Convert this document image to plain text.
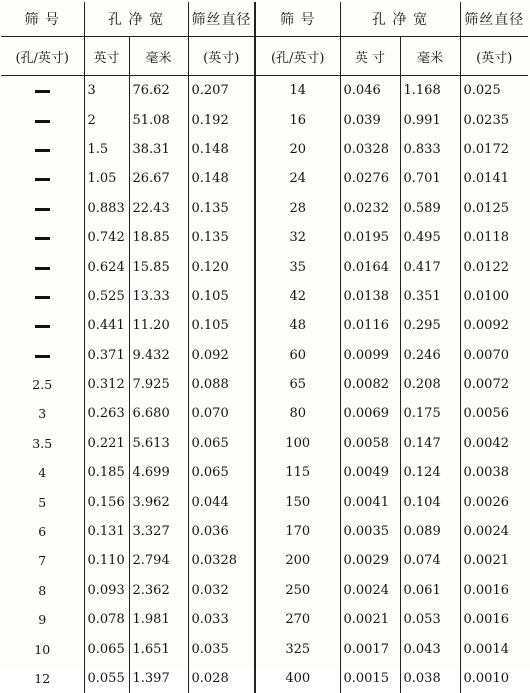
筛 号	孔 净 宽		筛丝直径	筛 号	孔 净 宽		筛丝直径
(孔/英寸)	英寸	毫米	(英寸)	(孔/英寸)	英 寸	毫米	(英寸)
	3	76.62	0.207	14	0.046	1.168	0.025
	2	51.08	0.192	16	0.039	0.991	0.0235
	1.5	38.31	0.148	20	0.0328	0.833	0.0172
	1.05	26.67	0.148	24	0.0276	0.701	0.0141
	0.883	22.43	0.135	28	0.0232	0.589	0.0125
	0.742	18.85	0.135	32	0.0195	0.495	0.0118
	0.624	15.85	0.120	35	0.0164	0.417	0.0122
	0.525	13.33	0.105	42	0.0138	0.351	0.0100
	0.441	11.20	0.105	48	0.0116	0.295	0.0092
	0.371	9.432	0.092	60	0.0099	0.246	0.0070
2.5	0.312	7.925	0.088	65	0.0082	0.208	0.0072
3	0.263	6.680	0.070	80	0.0069	0.175	0.0056
3.5	0.221	5.613	0.065	100	0.0058	0.147	0.0042
4	0.185	4.699	0.065	115	0.0049	0.124	0.0038
5	0.156	3.962	0.044	150	0.0041	0.104	0.0026
6	0.131	3.327	0.036	170	0.0035	0.089	0.0024
7	0.110	2.794	0.0328	200	0.0029	0.074	0.0021
8	0.093	2.362	0.032	250	0.0024	0.061	0.0016
9	0.078	1.981	0.033	270	0.0021	0.053	0.0016
10	0.065	1.651	0.035	325	0.0017	0.043	0.0014
12	0.055	1.397	0.028	400	0.0015	0.038	0.0010
